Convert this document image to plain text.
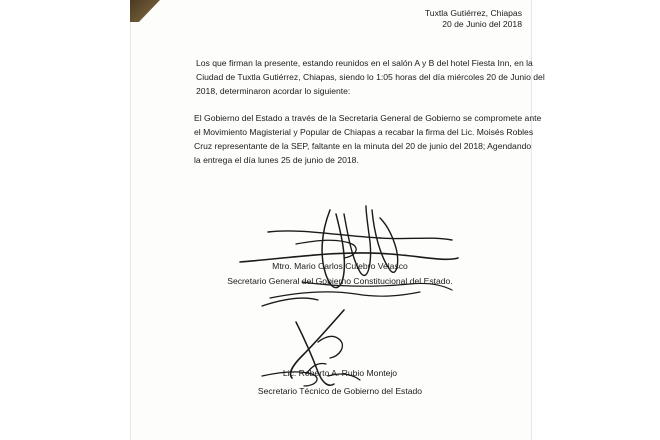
Tuxtla Gutiérrez, Chiapas
20 de Junio del 2018
Los que firman la presente, estando reunidos en el salón A y B del hotel Fiesta Inn, en la
Ciudad de Tuxtla Gutiérrez, Chiapas, siendo lo 1:05 horas del día miércoles 20 de Junio del
2018, determinaron acordar lo siguiente:
El Gobierno del Estado a través de la Secretaria General de Gobierno se compromete ante
el Movimiento Magisterial y Popular de Chiapas a recabar la firma del Lic. Moisés Robles
Cruz representante de la SEP, faltante en la minuta del 20 de junio del 2018; Agendando
la entrega el día lunes 25 de junio de 2018.
Mtro. Mario Carlos Culebro Velasco
Secretario General del Gobierno Constitucional del Estado.
Lic. Roberto A. Rubio Montejo
Secretario Técnico de Gobierno del Estado
